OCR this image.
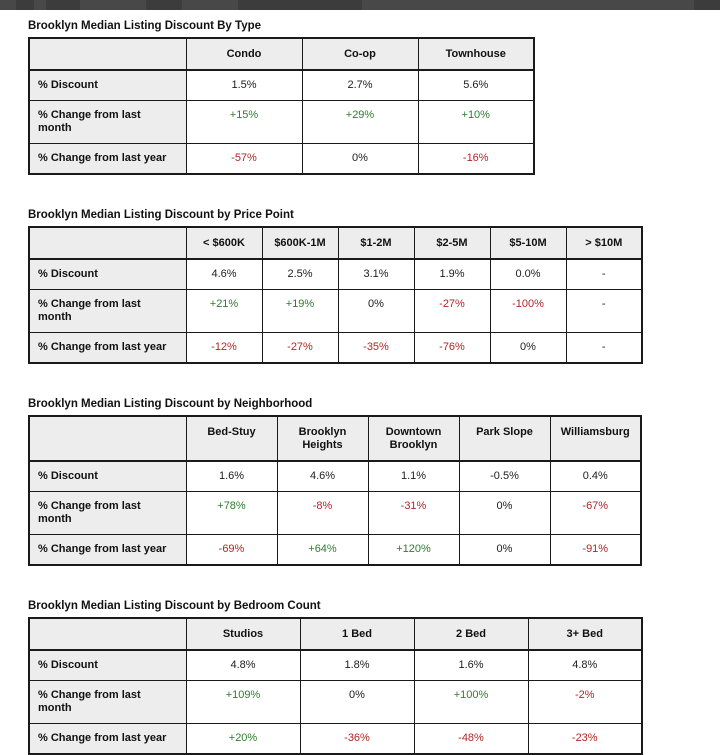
Brooklyn Median Listing Discount By Type
	Condo	Co-op	Townhouse
% Discount	1.5%	2.7%	5.6%
% Change from last month	+15%	+29%	+10%
% Change from last year	-57%	0%	-16%
Brooklyn Median Listing Discount by Price Point
	< $600K	$600K-1M	$1-2M	$2-5M	$5-10M	> $10M
% Discount	4.6%	2.5%	3.1%	1.9%	0.0%	-
% Change from last month	+21%	+19%	0%	-27%	-100%	-
% Change from last year	-12%	-27%	-35%	-76%	0%	-
Brooklyn Median Listing Discount by Neighborhood
	Bed-Stuy	Brooklyn Heights	Downtown Brooklyn	Park Slope	Williamsburg
% Discount	1.6%	4.6%	1.1%	-0.5%	0.4%
% Change from last month	+78%	-8%	-31%	0%	-67%
% Change from last year	-69%	+64%	+120%	0%	-91%
Brooklyn Median Listing Discount by Bedroom Count
	Studios	1 Bed	2 Bed	3+ Bed
% Discount	4.8%	1.8%	1.6%	4.8%
% Change from last month	+109%	0%	+100%	-2%
% Change from last year	+20%	-36%	-48%	-23%
